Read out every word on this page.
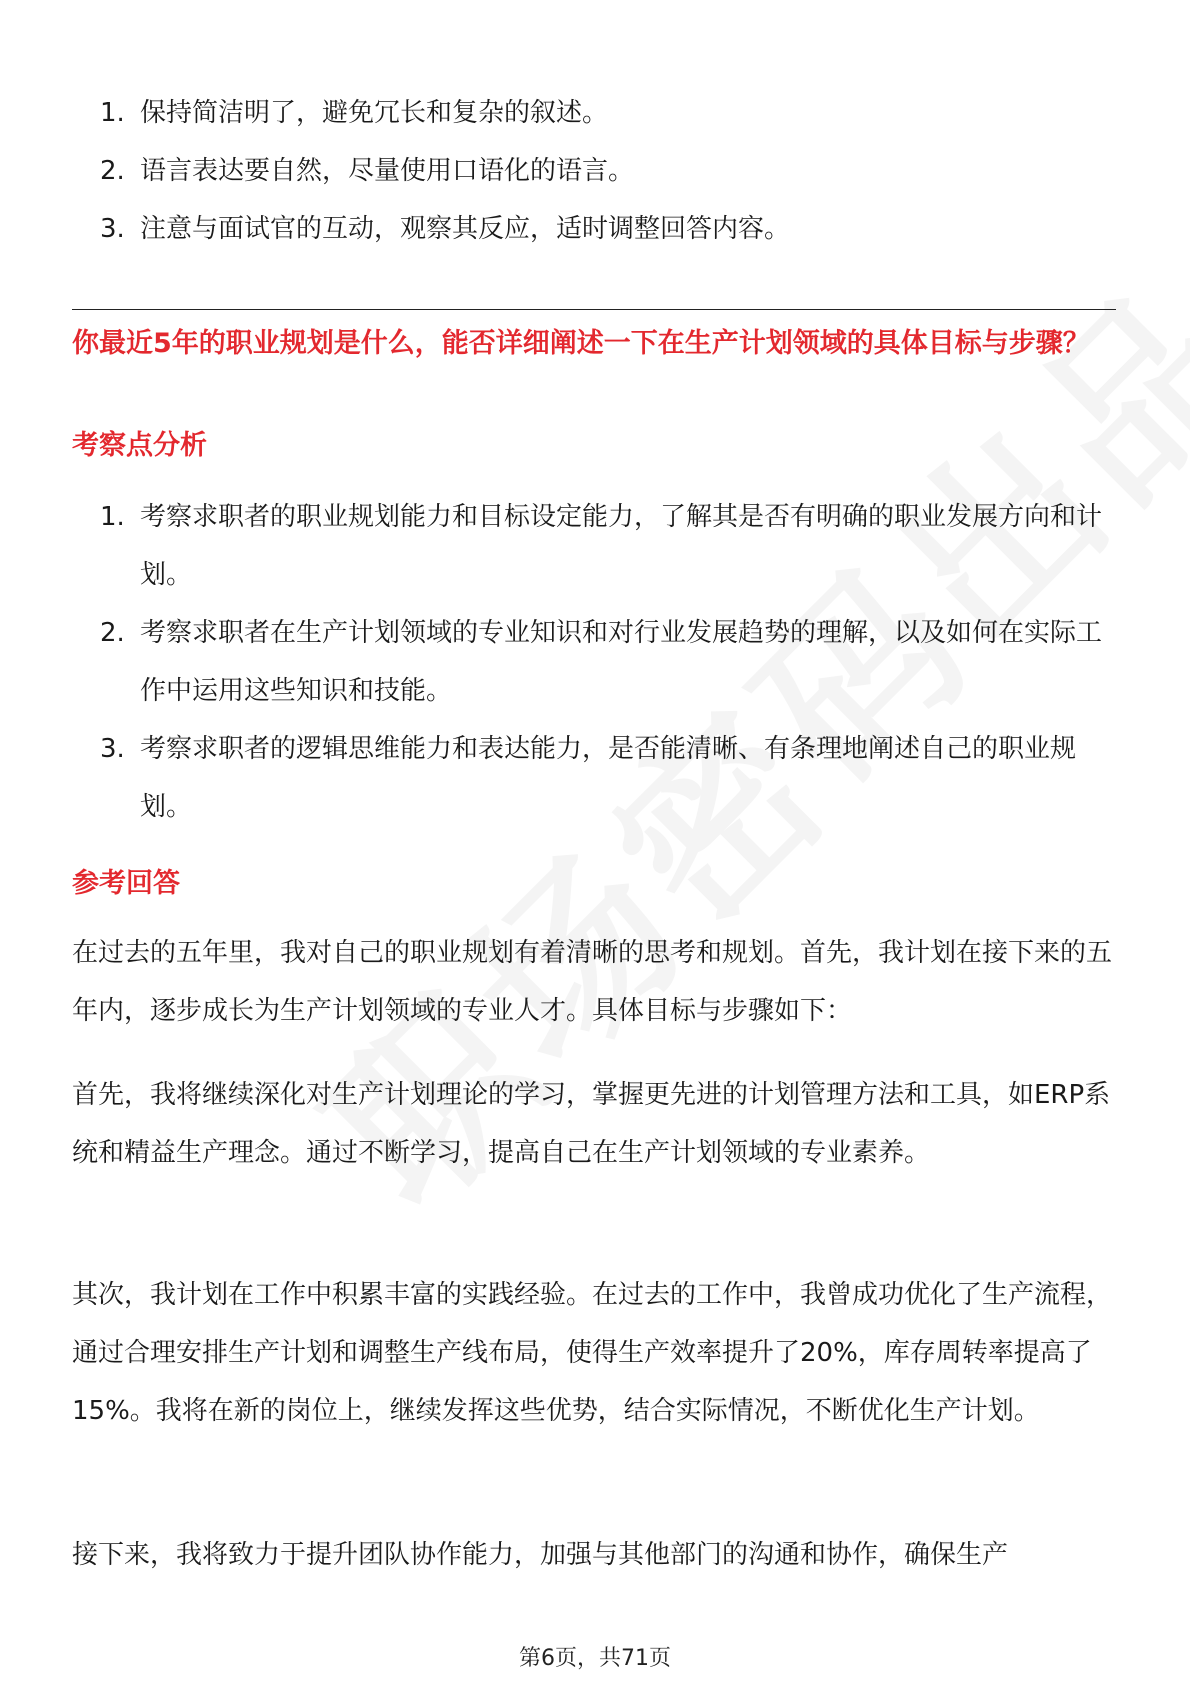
1. 保持简洁明了，避免冗长和复杂的叙述。
2. 语言表达要自然，尽量使用口语化的语言。
3. 注意与面试官的互动，观察其反应，适时调整回答内容。
你最近5年的职业规划是什么，能否详细阐述一下在生产计划领域的具体目标与步骤？
考察点分析
1. 考察求职者的职业规划能力和目标设定能力，了解其是否有明确的职业发展方向和计划。
2. 考察求职者在生产计划领域的专业知识和对行业发展趋势的理解，以及如何在实际工作中运用这些知识和技能。
3. 考察求职者的逻辑思维能力和表达能力，是否能清晰、有条理地阐述自己的职业规划。
参考回答

在过去的五年里，我对自己的职业规划有着清晰的思考和规划。首先，我计划在接下来的五年内，逐步成长为生产计划领域的专业人才。具体目标与步骤如下：

首先，我将继续深化对生产计划理论的学习，掌握更先进的计划管理方法和工具，如ERP系统和精益生产理念。通过不断学习，提高自己在生产计划领域的专业素养。

其次，我计划在工作中积累丰富的实践经验。在过去的工作中，我曾成功优化了生产流程，通过合理安排生产计划和调整生产线布局，使得生产效率提升了20%，库存周转率提高了15%。我将在新的岗位上，继续发挥这些优势，结合实际情况，不断优化生产计划。

接下来，我将致力于提升团队协作能力，加强与其他部门的沟通和协作，确保生产

第6页，共71页
